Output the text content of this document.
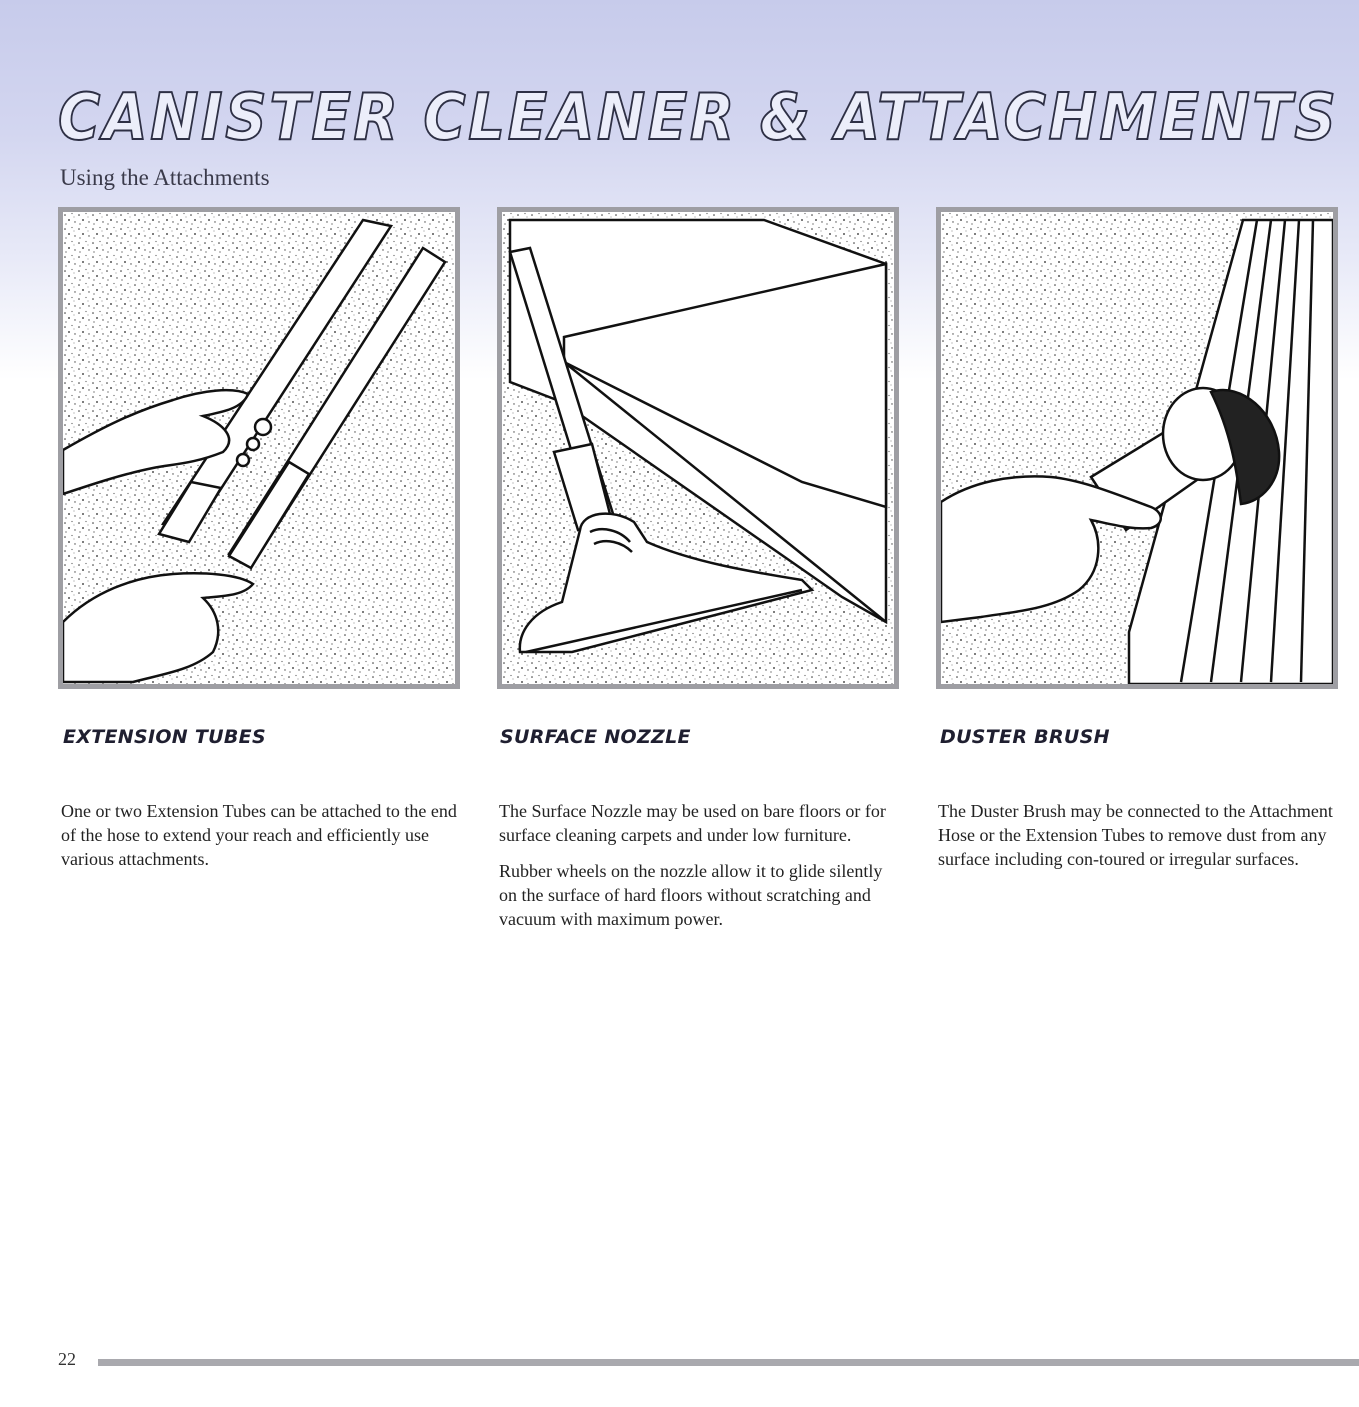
CANISTER CLEANER & ATTACHMENTS
Using the Attachments
EXTENSION TUBES

One or two Extension Tubes can be attached to the end of the hose to extend your reach and efficiently use various attachments.

SURFACE NOZZLE

The Surface Nozzle may be used on bare floors or for surface cleaning carpets and under low furniture.

Rubber wheels on the nozzle allow it to glide silently on the surface of hard floors without scratching and vacuum with maximum power.

DUSTER BRUSH

The Duster Brush may be connected to the Attachment Hose or the Extension Tubes to remove dust from any surface including con-toured or irregular surfaces.

22
